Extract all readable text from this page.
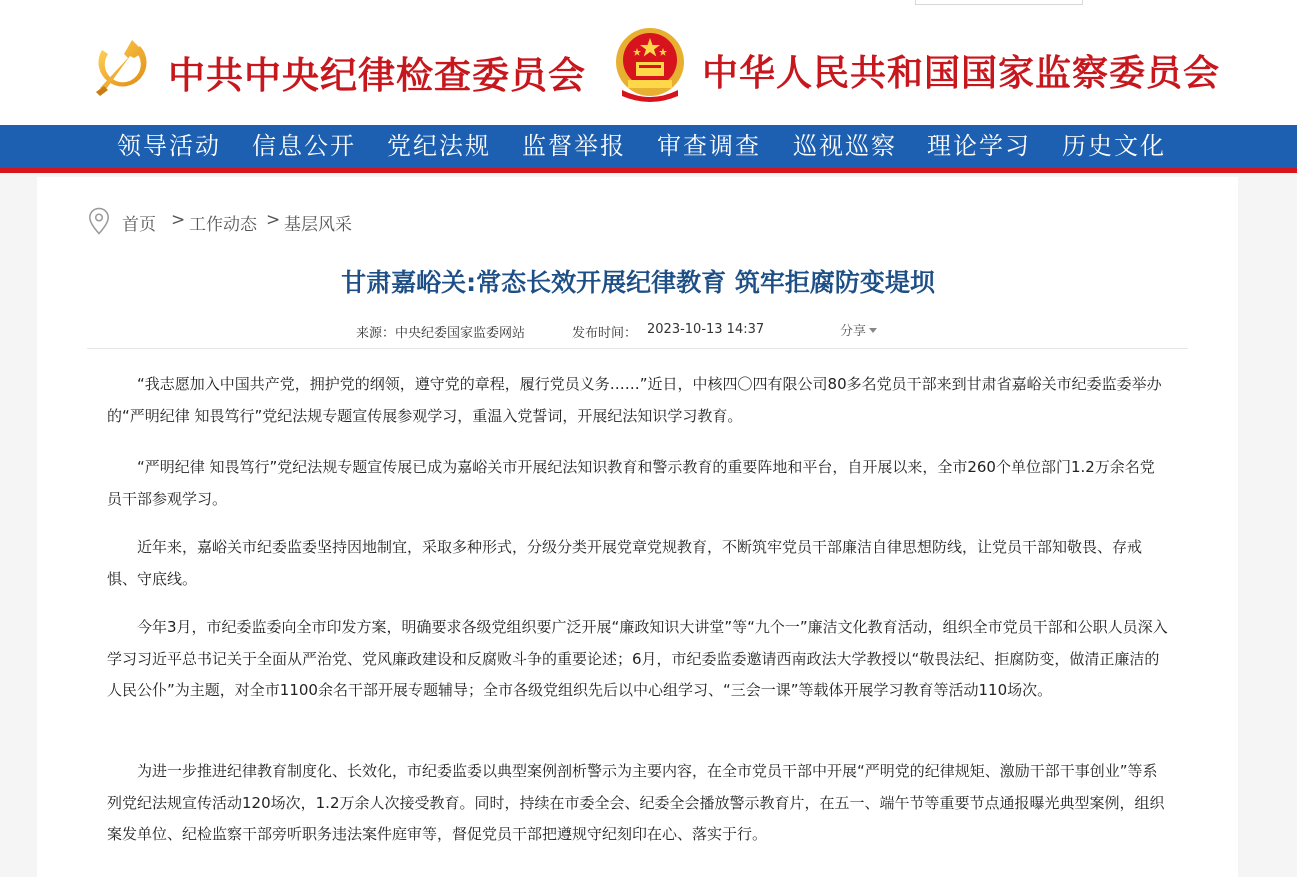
中共中央纪律检查委员会	中华人民共和国国家监察委员会
领导活动 信息公开 党纪法规 监督举报 审查调查 巡视巡察 理论学习 历史文化
首页 > 工作动态 > 基层风采
甘肃嘉峪关:常态长效开展纪律教育 筑牢拒腐防变堤坝
来源：中央纪委国家监委网站	发布时间： 2023-10-13 14:37	分享

“我志愿加入中国共产党，拥护党的纲领，遵守党的章程，履行党员义务……”近日，中核四〇四有限公司80多名党员干部来到甘肃省嘉峪关市纪委监委举办的“严明纪律 知畏笃行”党纪法规专题宣传展参观学习，重温入党誓词，开展纪法知识学习教育。

“严明纪律 知畏笃行”党纪法规专题宣传展已成为嘉峪关市开展纪法知识教育和警示教育的重要阵地和平台，自开展以来，全市260个单位部门1.2万余名党员干部参观学习。

近年来，嘉峪关市纪委监委坚持因地制宜，采取多种形式，分级分类开展党章党规教育，不断筑牢党员干部廉洁自律思想防线，让党员干部知敬畏、存戒惧、守底线。

今年3月，市纪委监委向全市印发方案，明确要求各级党组织要广泛开展“廉政知识大讲堂”等“九个一”廉洁文化教育活动，组织全市党员干部和公职人员深入学习习近平总书记关于全面从严治党、党风廉政建设和反腐败斗争的重要论述；6月，市纪委监委邀请西南政法大学教授以“敬畏法纪、拒腐防变，做清正廉洁的人民公仆”为主题，对全市1100余名干部开展专题辅导；全市各级党组织先后以中心组学习、“三会一课”等载体开展学习教育等活动110场次。

为进一步推进纪律教育制度化、长效化，市纪委监委以典型案例剖析警示为主要内容，在全市党员干部中开展“严明党的纪律规矩、激励干部干事创业”等系列党纪法规宣传活动120场次，1.2万余人次接受教育。同时，持续在市委全会、纪委全会播放警示教育片，在五一、端午节等重要节点通报曝光典型案例，组织案发单位、纪检监察干部旁听职务违法案件庭审等，督促党员干部把遵规守纪刻印在心、落实于行。
